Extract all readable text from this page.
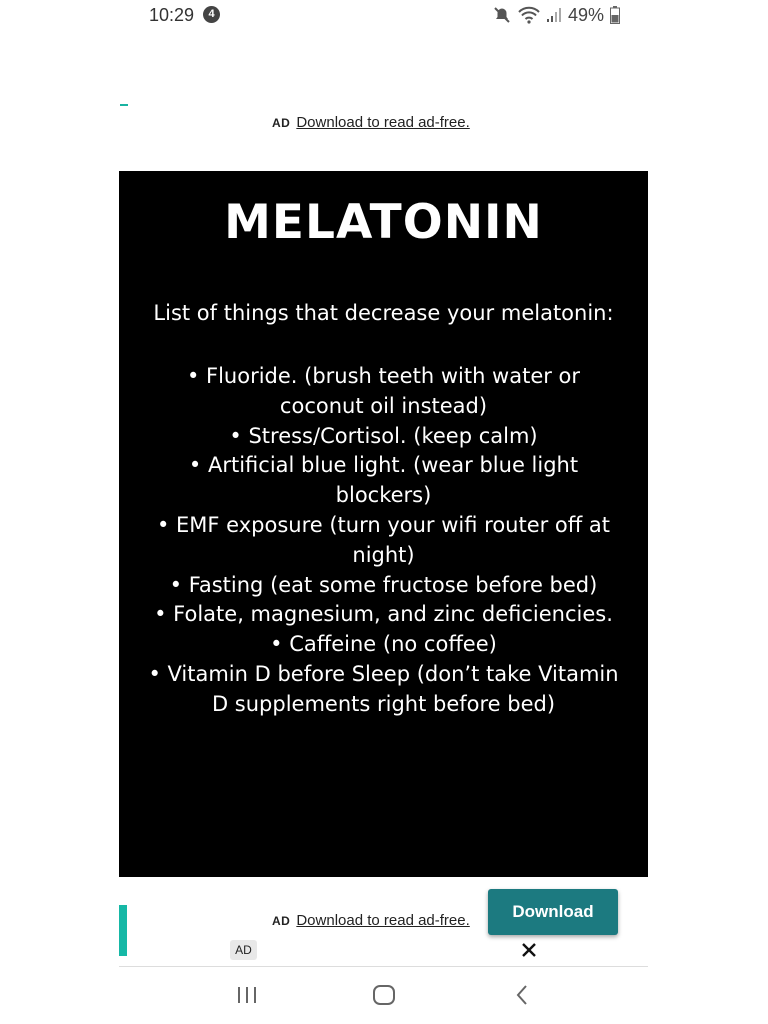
10:29	4	49%
AD Download to read ad-free.
MELATONIN
List of things that decrease your melatonin:
• Fluoride. (brush teeth with water or coconut oil instead)
• Stress/Cortisol. (keep calm)
• Artificial blue light. (wear blue light blockers)
• EMF exposure (turn your wifi router off at night)
• Fasting (eat some fructose before bed)
• Folate, magnesium, and zinc deficiencies.
• Caffeine (no coffee)
• Vitamin D before Sleep (don’t take Vitamin D supplements right before bed)
AD Download to read ad-free.	Download
AD
